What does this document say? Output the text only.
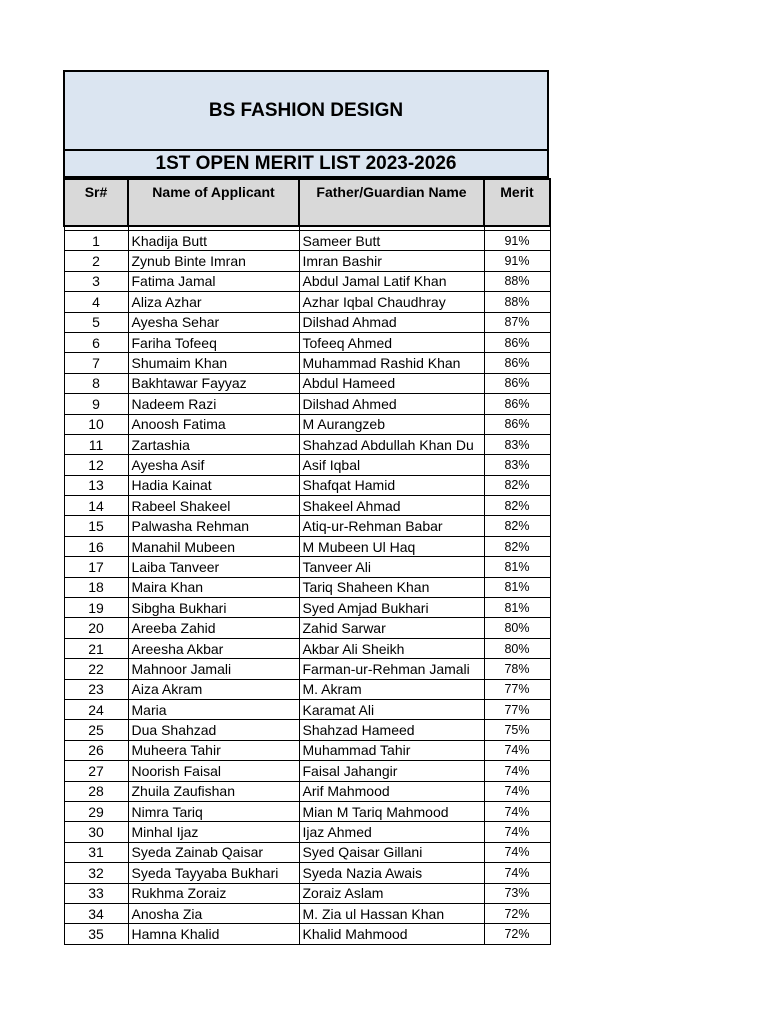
BS FASHION DESIGN
1ST OPEN MERIT LIST 2023-2026
Sr#	Name of Applicant	Father/Guardian Name	Merit

1	Khadija Butt	Sameer Butt	91%
2	Zynub Binte Imran	Imran Bashir	91%
3	Fatima Jamal	Abdul Jamal Latif Khan	88%
4	Aliza Azhar	Azhar Iqbal Chaudhray	88%
5	Ayesha Sehar	Dilshad Ahmad	87%
6	Fariha Tofeeq	Tofeeq Ahmed	86%
7	Shumaim Khan	Muhammad Rashid Khan	86%
8	Bakhtawar Fayyaz	Abdul Hameed	86%
9	Nadeem Razi	Dilshad Ahmed	86%
10	Anoosh Fatima	M Aurangzeb	86%
11	Zartashia	Shahzad Abdullah Khan Du	83%
12	Ayesha Asif	Asif Iqbal	83%
13	Hadia Kainat	Shafqat Hamid	82%
14	Rabeel Shakeel	Shakeel Ahmad	82%
15	Palwasha Rehman	Atiq-ur-Rehman Babar	82%
16	Manahil Mubeen	M Mubeen Ul Haq	82%
17	Laiba Tanveer	Tanveer Ali	81%
18	Maira Khan	Tariq Shaheen Khan	81%
19	Sibgha Bukhari	Syed Amjad Bukhari	81%
20	Areeba Zahid	Zahid Sarwar	80%
21	Areesha Akbar	Akbar Ali Sheikh	80%
22	Mahnoor Jamali	Farman-ur-Rehman Jamali	78%
23	Aiza Akram	M. Akram	77%
24	Maria	Karamat Ali	77%
25	Dua Shahzad	Shahzad Hameed	75%
26	Muheera Tahir	Muhammad Tahir	74%
27	Noorish Faisal	Faisal Jahangir	74%
28	Zhuila Zaufishan	Arif Mahmood	74%
29	Nimra Tariq	Mian M Tariq Mahmood	74%
30	Minhal Ijaz	Ijaz Ahmed	74%
31	Syeda Zainab Qaisar	Syed Qaisar Gillani	74%
32	Syeda Tayyaba Bukhari	Syeda Nazia Awais	74%
33	Rukhma Zoraiz	Zoraiz Aslam	73%
34	Anosha Zia	M. Zia ul Hassan Khan	72%
35	Hamna Khalid	Khalid Mahmood	72%
